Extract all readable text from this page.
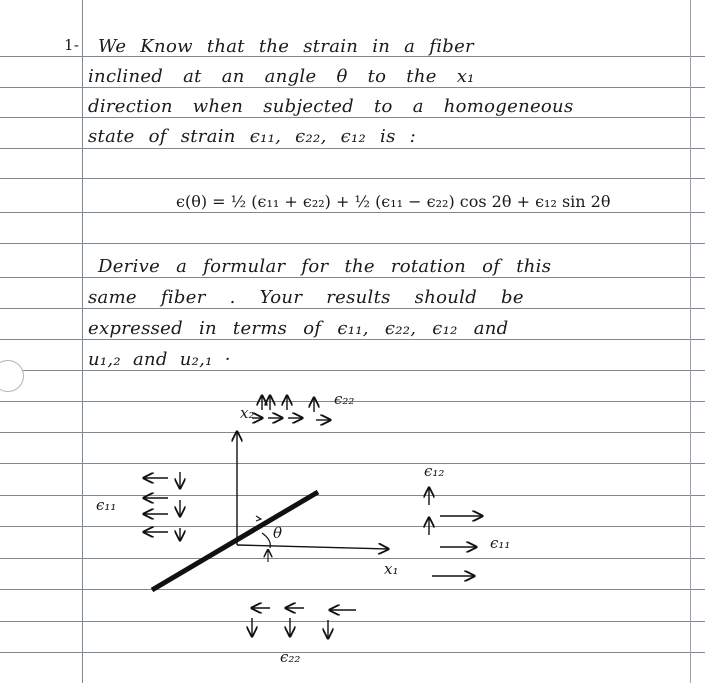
1- We Know that the strain in a fiber
inclined at an angle θ to the x₁
direction when subjected to a homogeneous
state of strain ϵ₁₁, ϵ₂₂, ϵ₁₂ is :
ϵ(θ) = ½ (ϵ₁₁ + ϵ₂₂) + ½ (ϵ₁₁ − ϵ₂₂) cos 2θ + ϵ₁₂ sin 2θ
Derive a formular for the rotation of this
same fiber . Your results should be
expressed in terms of ϵ₁₁, ϵ₂₂, ϵ₁₂ and
u₁,₂ and u₂,₁ ·
x₂
ϵ₂₂
ϵ₁₁
ϵ₁₂
ϵ₁₁
θ
x₁
ϵ₂₂
